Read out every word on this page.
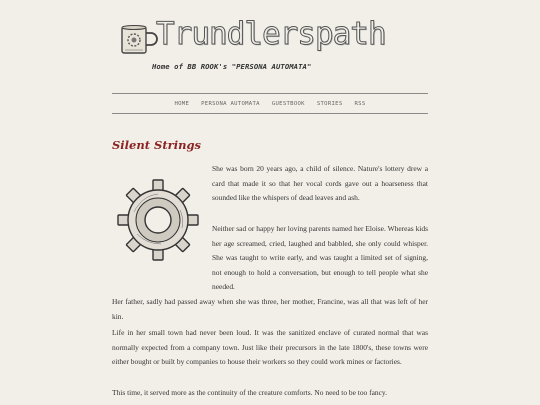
Trundlerspath
Home of BB ROOK's "PERSONA AUTOMATA"
HOME PERSONA AUTOMATA GUESTBOOK STORIES RSS
Silent Strings

She was born 20 years ago, a child of silence. Nature's lottery drew a card that made it so that her vocal cords gave out a hoarseness that sounded like the whispers of dead leaves and ash.

Neither sad or happy her loving parents named her Eloise. Whereas kids her age screamed, cried, laughed and babbled, she only could whisper. She was taught to write early, and was taught a limited set of signing, not enough to hold a conversation, but enough to tell people what she needed.

Her father, sadly had passed away when she was three, her mother, Francine, was all that was left of her kin.

Life in her small town had never been loud. It was the sanitized enclave of curated normal that was normally expected from a company town. Just like their precursors in the late 1800's, these towns were either bought or built by companies to house their workers so they could work mines or factories.

This time, it served more as the continuity of the creature comforts. No need to be too fancy.
